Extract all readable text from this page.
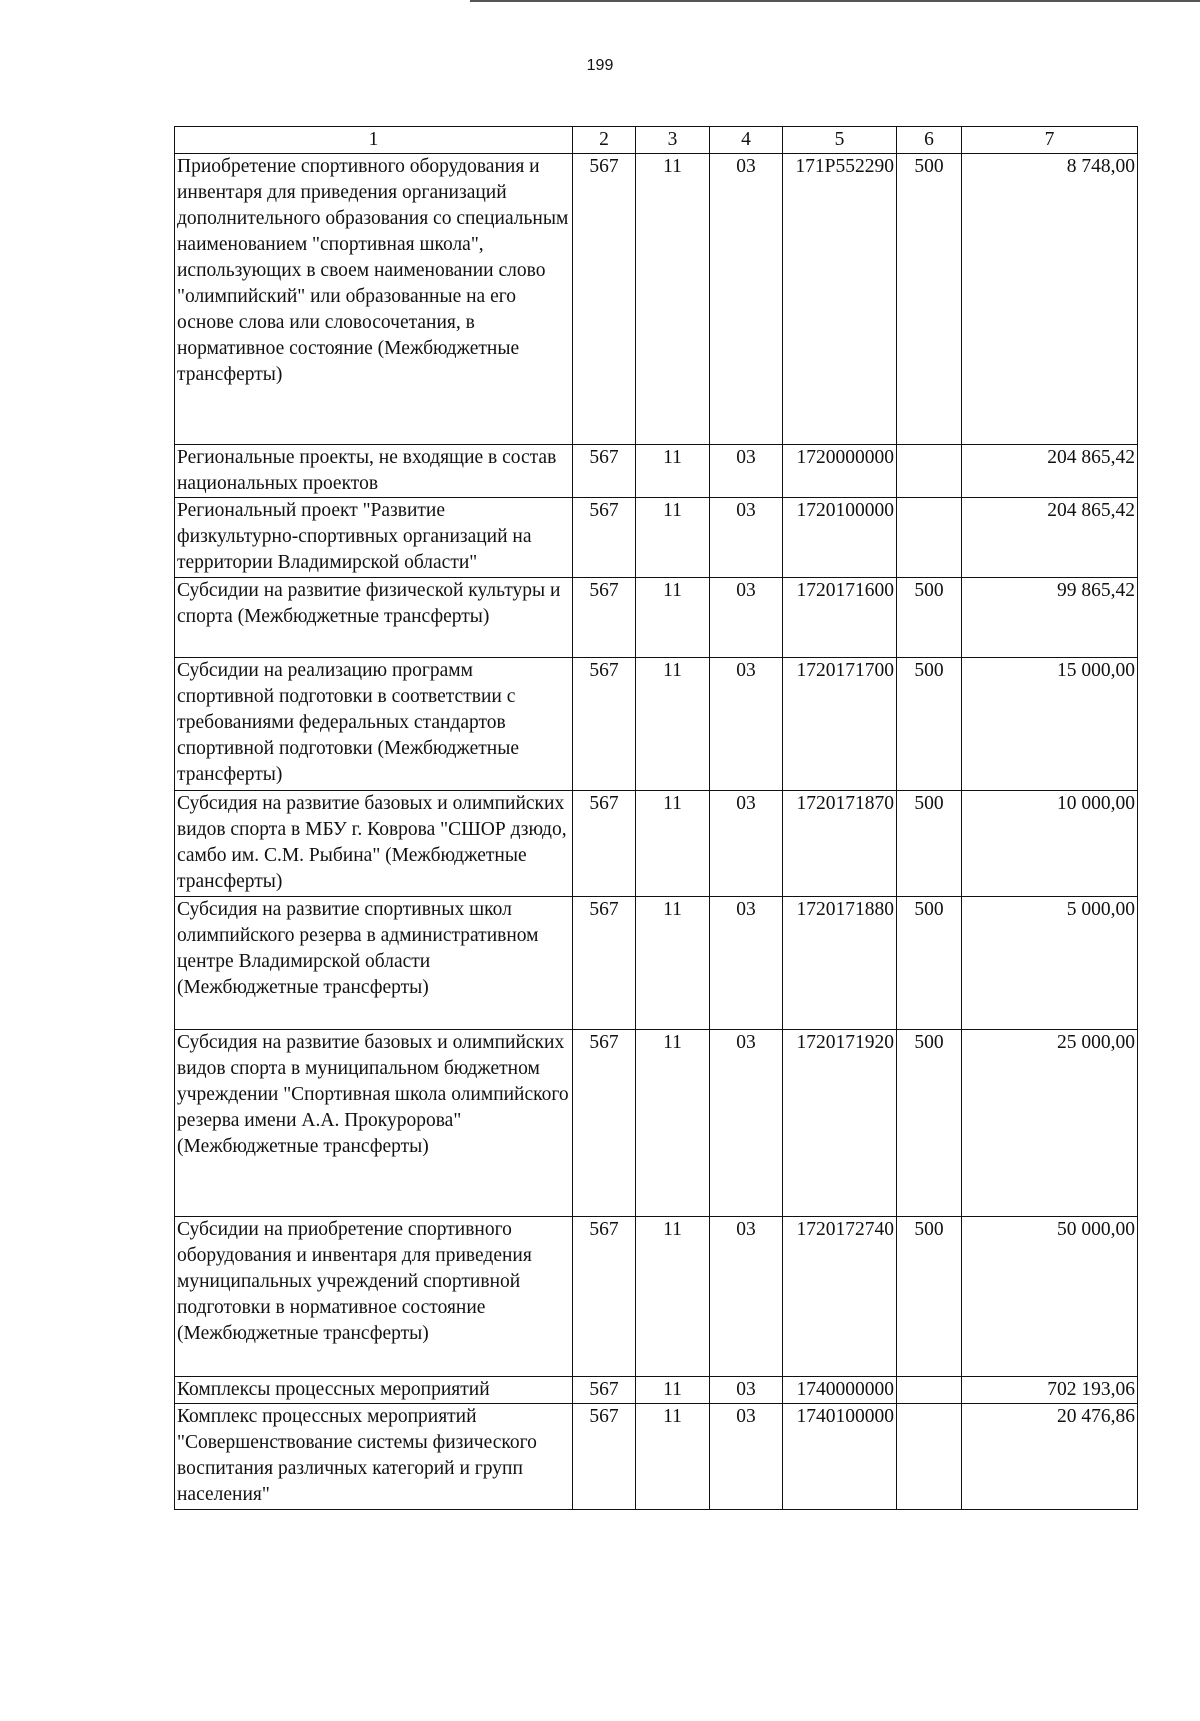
199
1	2	3	4	5	6	7
Приобретение спортивного оборудования и инвентаря для приведения организаций дополнительного образования со специальным наименованием "спортивная школа", использующих в своем наименовании слово "олимпийский" или образованные на его основе слова или словосочетания, в нормативное состояние (Межбюджетные трансферты)	567	11	03	171P552290	500	8 748,00
Региональные проекты, не входящие в состав национальных проектов	567	11	03	1720000000		204 865,42
Региональный проект "Развитие физкультурно-спортивных организаций на территории Владимирской области"	567	11	03	1720100000		204 865,42
Субсидии на развитие физической культуры и спорта (Межбюджетные трансферты)	567	11	03	1720171600	500	99 865,42
Субсидии на реализацию программ спортивной подготовки в соответствии с требованиями федеральных стандартов спортивной подготовки (Межбюджетные трансферты)	567	11	03	1720171700	500	15 000,00
Субсидия на развитие базовых и олимпийских видов спорта в МБУ г. Коврова "СШОР дзюдо, самбо им. С.М. Рыбина" (Межбюджетные трансферты)	567	11	03	1720171870	500	10 000,00
Субсидия на развитие спортивных школ олимпийского резерва в административном центре Владимирской области (Межбюджетные трансферты)	567	11	03	1720171880	500	5 000,00
Субсидия на развитие базовых и олимпийских видов спорта в муниципальном бюджетном учреждении "Спортивная школа олимпийского резерва имени А.А. Прокуророва" (Межбюджетные трансферты)	567	11	03	1720171920	500	25 000,00
Субсидии на приобретение спортивного оборудования и инвентаря для приведения муниципальных учреждений спортивной подготовки в нормативное состояние (Межбюджетные трансферты)	567	11	03	1720172740	500	50 000,00
Комплексы процессных мероприятий	567	11	03	1740000000		702 193,06
Комплекс процессных мероприятий "Совершенствование системы физического воспитания различных категорий и групп населения"	567	11	03	1740100000		20 476,86
